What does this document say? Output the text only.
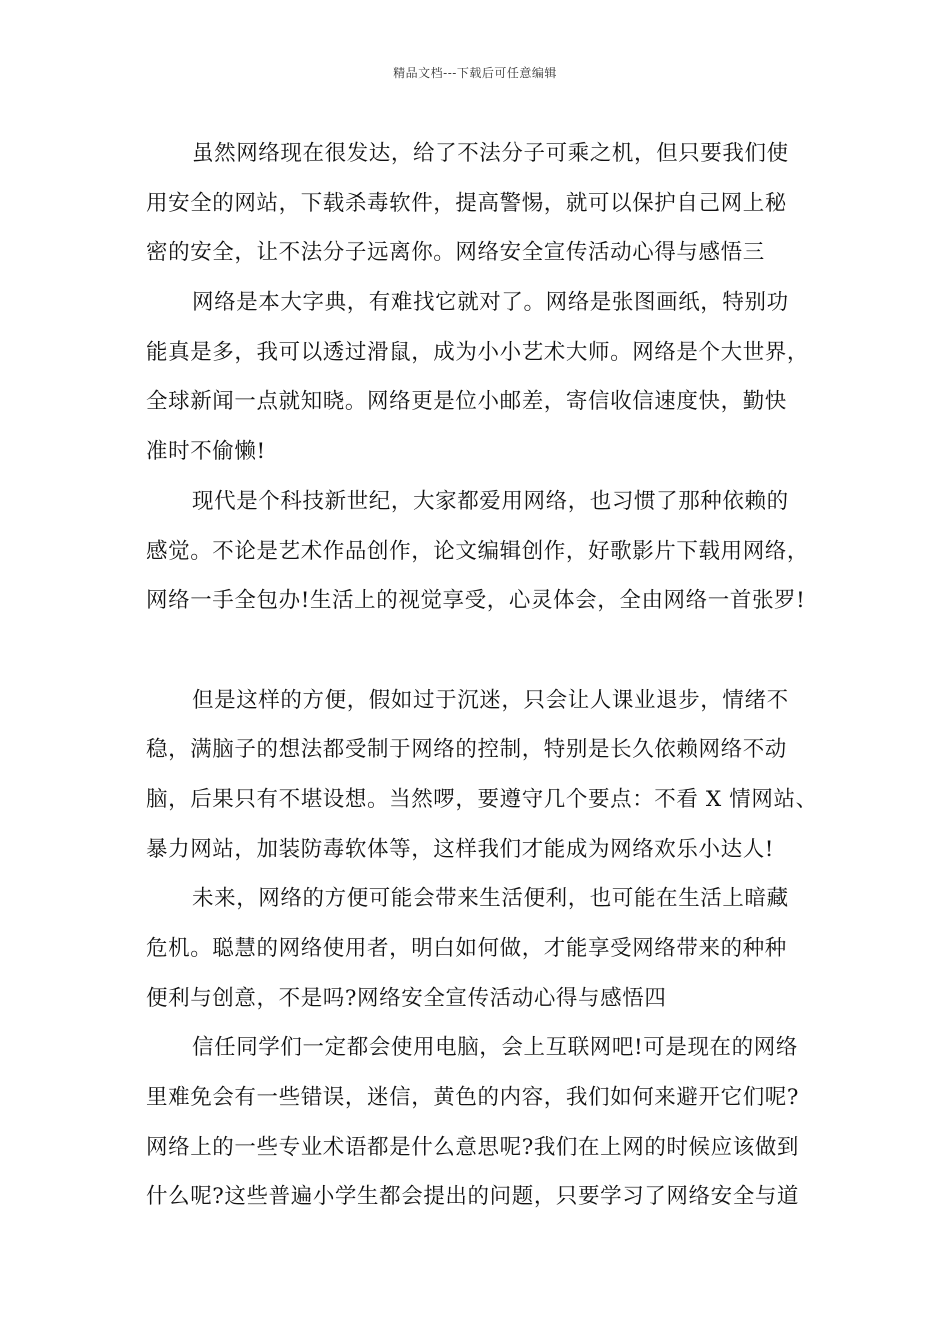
精品文档---下载后可任意编辑
虽然网络现在很发达，给了不法分子可乘之机，但只要我们使
用安全的网站，下载杀毒软件，提高警惕，就可以保护自己网上秘
密的安全，让不法分子远离你。网络安全宣传活动心得与感悟三
网络是本大字典，有难找它就对了。网络是张图画纸，特别功
能真是多，我可以透过滑鼠，成为小小艺术大师。网络是个大世界，
全球新闻一点就知晓。网络更是位小邮差，寄信收信速度快，勤快
准时不偷懒!
现代是个科技新世纪，大家都爱用网络，也习惯了那种依赖的
感觉。不论是艺术作品创作，论文编辑创作，好歌影片下载用网络，
网络一手全包办!生活上的视觉享受，心灵体会，全由网络一首张罗!
但是这样的方便，假如过于沉迷，只会让人课业退步，情绪不
稳，满脑子的想法都受制于网络的控制，特别是长久依赖网络不动
脑，后果只有不堪设想。当然啰，要遵守几个要点：不看 X 情网站、
暴力网站，加装防毒软体等，这样我们才能成为网络欢乐小达人!
未来，网络的方便可能会带来生活便利，也可能在生活上暗藏
危机。聪慧的网络使用者，明白如何做，才能享受网络带来的种种
便利与创意，不是吗?网络安全宣传活动心得与感悟四
信任同学们一定都会使用电脑，会上互联网吧!可是现在的网络
里难免会有一些错误，迷信，黄色的内容，我们如何来避开它们呢?
网络上的一些专业术语都是什么意思呢?我们在上网的时候应该做到
什么呢?这些普遍小学生都会提出的问题，只要学习了网络安全与道
